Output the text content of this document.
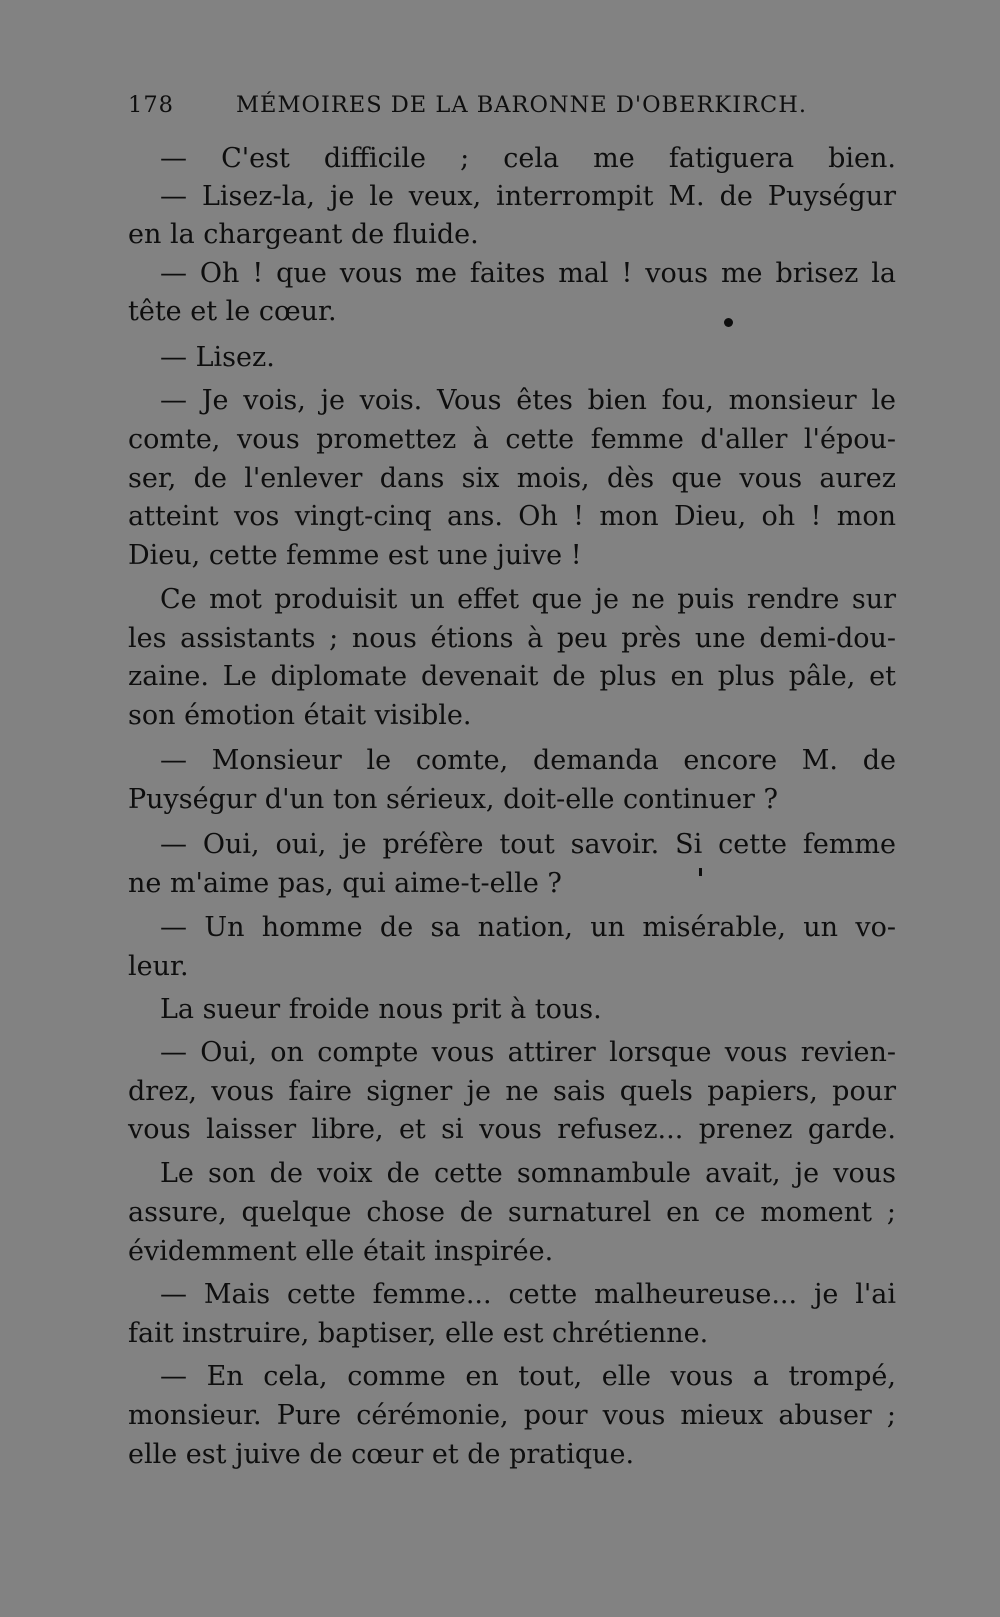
178	MÉMOIRES DE LA BARONNE D'OBERKIRCH.
— C'est difficile ; cela me fatiguera bien.
— Lisez-la, je le veux, interrompit M. de Puységur
en la chargeant de fluide.
— Oh ! que vous me faites mal ! vous me brisez la
tête et le cœur.
— Lisez.
— Je vois, je vois. Vous êtes bien fou, monsieur le
comte, vous promettez à cette femme d'aller l'épou-
ser, de l'enlever dans six mois, dès que vous aurez
atteint vos vingt-cinq ans. Oh ! mon Dieu, oh ! mon
Dieu, cette femme est une juive !
Ce mot produisit un effet que je ne puis rendre sur
les assistants ; nous étions à peu près une demi-dou-
zaine. Le diplomate devenait de plus en plus pâle, et
son émotion était visible.
— Monsieur le comte, demanda encore M. de
Puységur d'un ton sérieux, doit-elle continuer ?
— Oui, oui, je préfère tout savoir. Si cette femme
ne m'aime pas, qui aime-t-elle ?
— Un homme de sa nation, un misérable, un vo-
leur.
La sueur froide nous prit à tous.
— Oui, on compte vous attirer lorsque vous revien-
drez, vous faire signer je ne sais quels papiers, pour
vous laisser libre, et si vous refusez... prenez garde.
Le son de voix de cette somnambule avait, je vous
assure, quelque chose de surnaturel en ce moment ;
évidemment elle était inspirée.
— Mais cette femme... cette malheureuse... je l'ai
fait instruire, baptiser, elle est chrétienne.
— En cela, comme en tout, elle vous a trompé,
monsieur. Pure cérémonie, pour vous mieux abuser ;
elle est juive de cœur et de pratique.
